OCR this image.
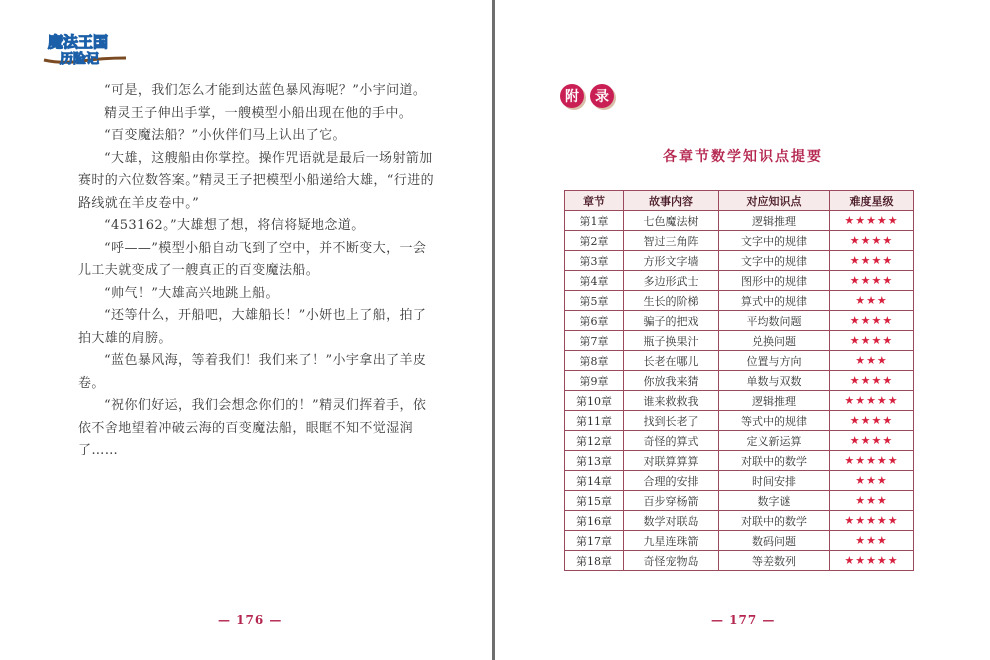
魔法王国
历险记

“可是，我们怎么才能到达蓝色暴风海呢？”小宇问道。

精灵王子伸出手掌，一艘模型小船出现在他的手中。

“百变魔法船？”小伙伴们马上认出了它。

“大雄，这艘船由你掌控。操作咒语就是最后一场射箭加赛时的六位数答案。”精灵王子把模型小船递给大雄，“行进的路线就在羊皮卷中。”

“453162。”大雄想了想，将信将疑地念道。

“呼——”模型小船自动飞到了空中，并不断变大，一会儿工夫就变成了一艘真正的百变魔法船。

“帅气！”大雄高兴地跳上船。

“还等什么，开船吧，大雄船长！”小妍也上了船，拍了拍大雄的肩膀。

“蓝色暴风海，等着我们！我们来了！”小宇拿出了羊皮卷。

“祝你们好运，我们会想念你们的！”精灵们挥着手，依依不舍地望着冲破云海的百变魔法船，眼眶不知不觉湿润了……

— 176 —
附	录
各章节数学知识点提要
章节	故事内容	对应知识点	难度星级
第1章	七色魔法树	逻辑推理	★★★★★
第2章	智过三角阵	文字中的规律	★★★★
第3章	方形文字墙	文字中的规律	★★★★
第4章	多边形武士	图形中的规律	★★★★
第5章	生长的阶梯	算式中的规律	★★★
第6章	骗子的把戏	平均数问题	★★★★
第7章	瓶子换果汁	兑换问题	★★★★
第8章	长老在哪儿	位置与方向	★★★
第9章	你放我来猜	单数与双数	★★★★
第10章	谁来救救我	逻辑推理	★★★★★
第11章	找到长老了	等式中的规律	★★★★
第12章	奇怪的算式	定义新运算	★★★★
第13章	对联算算算	对联中的数学	★★★★★
第14章	合理的安排	时间安排	★★★
第15章	百步穿杨箭	数字谜	★★★
第16章	数学对联岛	对联中的数学	★★★★★
第17章	九星连珠箭	数码问题	★★★
第18章	奇怪宠物岛	等差数列	★★★★★
— 177 —
